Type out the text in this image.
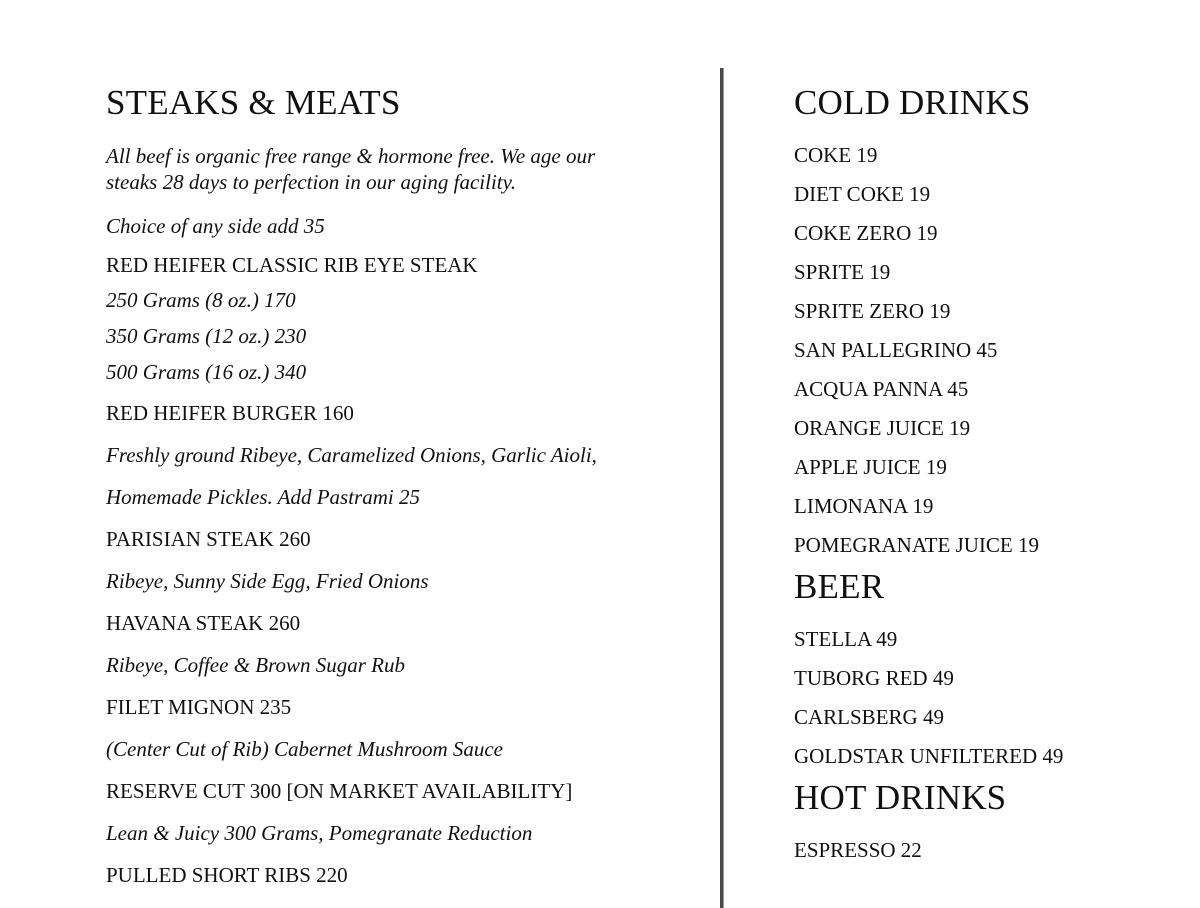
STEAKS & MEATS
All beef is organic free range & hormone free. We age our steaks 28 days to perfection in our aging facility.
Choice of any side add 35
RED HEIFER CLASSIC RIB EYE STEAK
250 Grams (8 oz.) 170
350 Grams (12 oz.) 230
500 Grams (16 oz.) 340
RED HEIFER BURGER 160
Freshly ground Ribeye, Caramelized Onions, Garlic Aioli,
Homemade Pickles. Add Pastrami 25
PARISIAN STEAK 260
Ribeye, Sunny Side Egg, Fried Onions
HAVANA STEAK 260
Ribeye, Coffee & Brown Sugar Rub
FILET MIGNON 235
(Center Cut of Rib) Cabernet Mushroom Sauce
RESERVE CUT 300 [ON MARKET AVAILABILITY]
Lean & Juicy 300 Grams, Pomegranate Reduction
PULLED SHORT RIBS 220
COLD DRINKS
COKE 19
DIET COKE 19
COKE ZERO 19
SPRITE 19
SPRITE ZERO 19
SAN PALLEGRINO 45
ACQUA PANNA 45
ORANGE JUICE 19
APPLE JUICE 19
LIMONANA 19
POMEGRANATE JUICE 19
BEER
STELLA 49
TUBORG RED 49
CARLSBERG 49
GOLDSTAR UNFILTERED 49
HOT DRINKS
ESPRESSO 22
